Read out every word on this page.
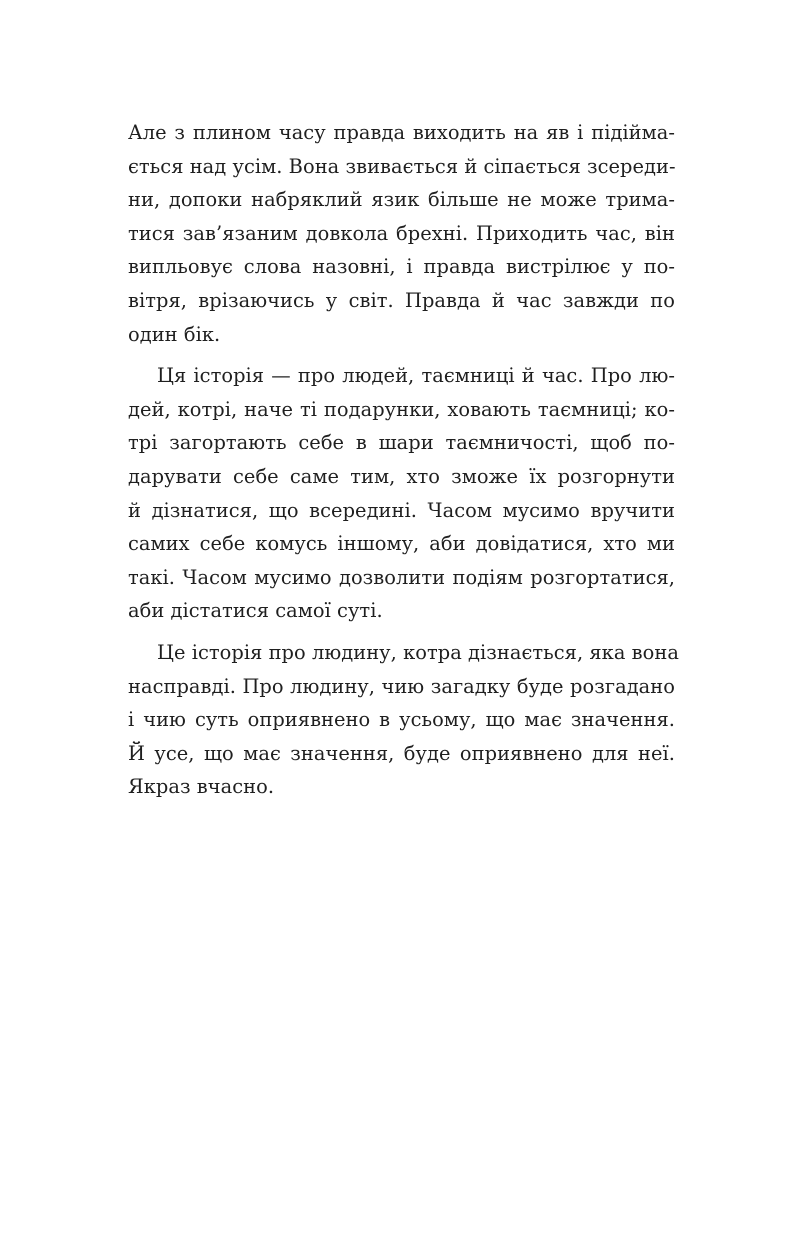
Але з плином часу правда виходить на яв і підійма-
ється над усім. Вона звивається й сіпається зсереди-
ни, допоки набряклий язик більше не може трима-
тися зав’язаним довкола брехні. Приходить час, він
випльовує слова назовні, і правда вистрілює у по-
вітря, врізаючись у світ. Правда й час завжди по
один бік.

Ця історія — про людей, таємниці й час. Про лю-
дей, котрі, наче ті подарунки, ховають таємниці; ко-
трі загортають себе в шари таємничості, щоб по-
дарувати себе саме тим, хто зможе їх розгорнути
й дізнатися, що всередині. Часом мусимо вручити
самих себе комусь іншому, аби довідатися, хто ми
такі. Часом мусимо дозволити подіям розгортатися,
аби дістатися самої суті.

Це історія про людину, котра дізнається, яка вона
насправді. Про людину, чию загадку буде розгадано
і чию суть оприявнено в усьому, що має значення.
Й усе, що має значення, буде оприявнено для неї.
Якраз вчасно.
